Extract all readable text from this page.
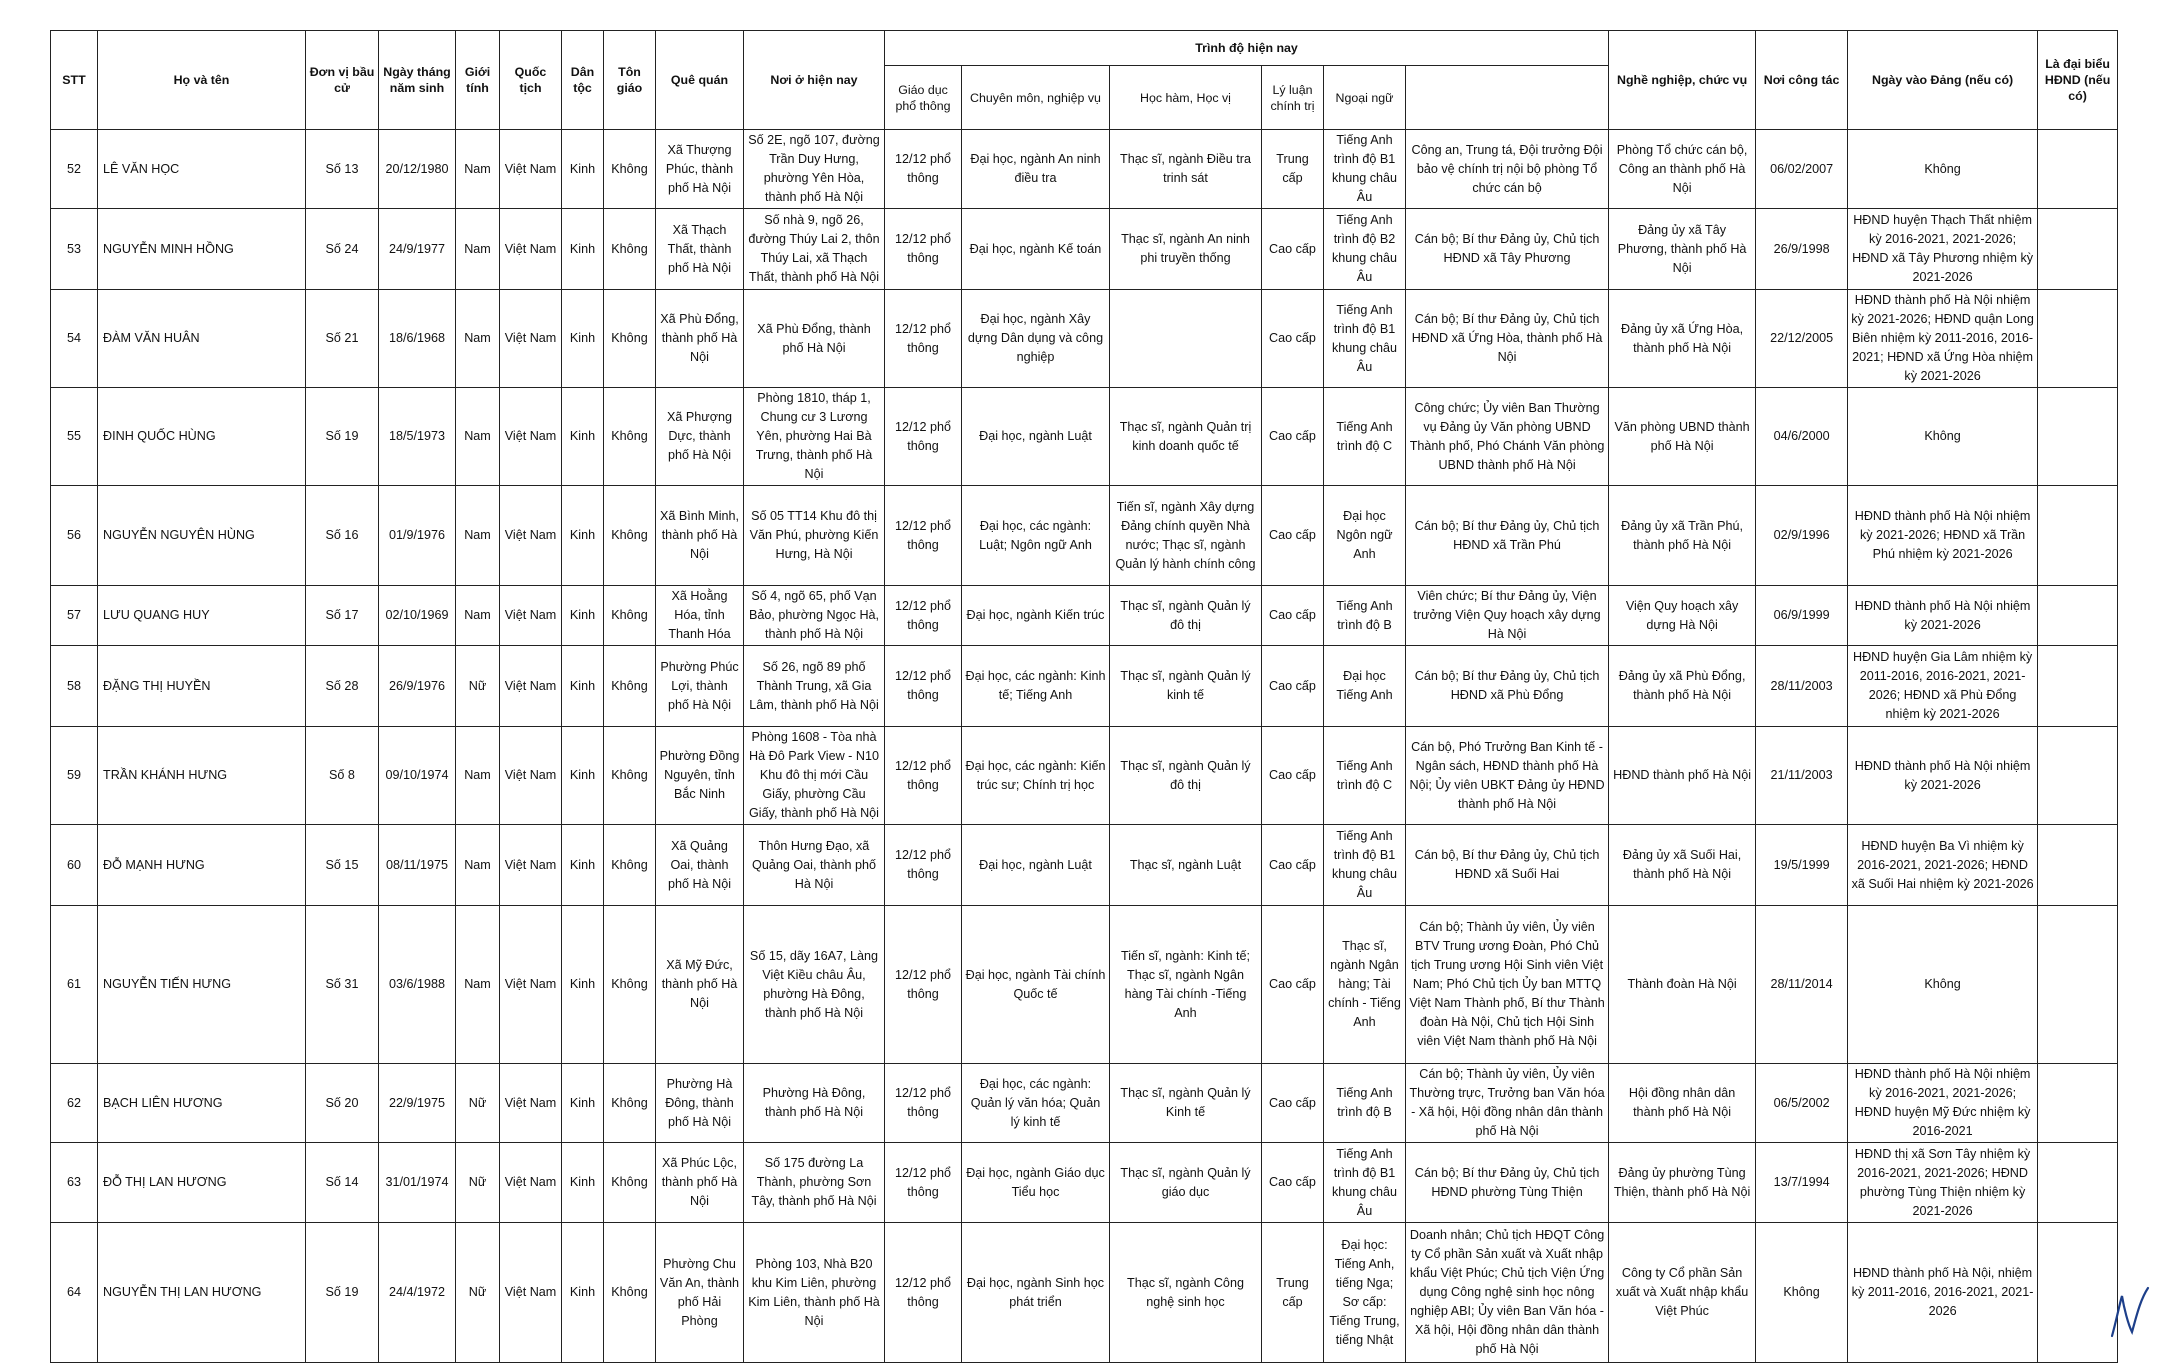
STT	Họ và tên	Đơn vị bầu cử	Ngày tháng năm sinh	Giới tính	Quốc tịch	Dân tộc	Tôn giáo	Quê quán	Nơi ở hiện nay	Trình độ hiện nay						Nghề nghiệp, chức vụ	Nơi công tác	Ngày vào Đảng (nếu có)	Là đại biểu HĐND (nếu có)	
										Giáo dục phổ thông	Chuyên môn, nghiệp vụ	Học hàm, Học vị	Lý luận chính trị	Ngoại ngữ						
52	LÊ VĂN HỌC	Số 13	20/12/1980	Nam	Việt Nam	Kinh	Không	Xã Thượng Phúc, thành phố Hà Nội	Số 2E, ngõ 107, đường Trần Duy Hưng, phường Yên Hòa, thành phố Hà Nội	12/12 phổ thông	Đại học, ngành An ninh điều tra	Thạc sĩ, ngành Điều tra trinh sát	Trung cấp	Tiếng Anh trình độ B1 khung châu Âu	Công an, Trung tá, Đội trưởng Đội bảo vệ chính trị nội bộ phòng Tổ chức cán bộ	Phòng Tổ chức cán bộ, Công an thành phố Hà Nội	06/02/2007	Không		
53	NGUYỄN MINH HỒNG	Số 24	24/9/1977	Nam	Việt Nam	Kinh	Không	Xã Thạch Thất, thành phố Hà Nội	Số nhà 9, ngõ 26, đường Thúy Lai 2, thôn Thúy Lai, xã Thạch Thất, thành phố Hà Nội	12/12 phổ thông	Đại học, ngành Kế toán	Thạc sĩ, ngành An ninh phi truyền thống	Cao cấp	Tiếng Anh trình độ B2 khung châu Âu	Cán bộ; Bí thư Đảng ủy, Chủ tịch HĐND xã Tây Phương	Đảng ủy xã Tây Phương, thành phố Hà Nội	26/9/1998	HĐND huyện Thạch Thất nhiệm kỳ 2016-2021, 2021-2026; HĐND xã Tây Phương nhiệm kỳ 2021-2026		
54	ĐÀM VĂN HUÂN	Số 21	18/6/1968	Nam	Việt Nam	Kinh	Không	Xã Phù Đổng, thành phố Hà Nội	Xã Phù Đổng, thành phố Hà Nội	12/12 phổ thông	Đại học, ngành Xây dựng Dân dụng và công nghiệp		Cao cấp	Tiếng Anh trình độ B1 khung châu Âu	Cán bộ; Bí thư Đảng ủy, Chủ tịch HĐND xã Ứng Hòa, thành phố Hà Nội	Đảng ủy xã Ứng Hòa, thành phố Hà Nội	22/12/2005	HĐND thành phố Hà Nội nhiệm kỳ 2021-2026; HĐND quận Long Biên nhiệm kỳ 2011-2016, 2016-2021; HĐND xã Ứng Hòa nhiệm kỳ 2021-2026		
55	ĐINH QUỐC HÙNG	Số 19	18/5/1973	Nam	Việt Nam	Kinh	Không	Xã Phượng Dực, thành phố Hà Nội	Phòng 1810, tháp 1, Chung cư 3 Lương Yên, phường Hai Bà Trưng, thành phố Hà Nội	12/12 phổ thông	Đại học, ngành Luật	Thạc sĩ, ngành Quản trị kinh doanh quốc tế	Cao cấp	Tiếng Anh trình độ C	Công chức; Ủy viên Ban Thường vụ Đảng ủy Văn phòng UBND Thành phố, Phó Chánh Văn phòng UBND thành phố Hà Nội	Văn phòng UBND thành phố Hà Nội	04/6/2000	Không		
56	NGUYỄN NGUYÊN HÙNG	Số 16	01/9/1976	Nam	Việt Nam	Kinh	Không	Xã Bình Minh, thành phố Hà Nội	Số 05 TT14 Khu đô thị Văn Phú, phường Kiến Hưng, Hà Nội	12/12 phổ thông	Đại học, các ngành: Luật; Ngôn ngữ Anh	Tiến sĩ, ngành Xây dựng Đảng chính quyền Nhà nước; Thạc sĩ, ngành Quản lý hành chính công	Cao cấp	Đại học Ngôn ngữ Anh	Cán bộ; Bí thư Đảng ủy, Chủ tịch HĐND xã Trần Phú	Đảng ủy xã Trần Phú, thành phố Hà Nội	02/9/1996	HĐND thành phố Hà Nội nhiệm kỳ 2021-2026; HĐND xã Trần Phú nhiệm kỳ 2021-2026		
57	LƯU QUANG HUY	Số 17	02/10/1969	Nam	Việt Nam	Kinh	Không	Xã Hoằng Hóa, tỉnh Thanh Hóa	Số 4, ngõ 65, phố Vạn Bảo, phường Ngọc Hà, thành phố Hà Nội	12/12 phổ thông	Đại học, ngành Kiến trúc	Thạc sĩ, ngành Quản lý đô thị	Cao cấp	Tiếng Anh trình độ B	Viên chức; Bí thư Đảng ủy, Viện trưởng Viện Quy hoạch xây dựng Hà Nội	Viện Quy hoạch xây dựng Hà Nội	06/9/1999	HĐND thành phố Hà Nội nhiệm kỳ 2021-2026		
58	ĐẶNG THỊ HUYỀN	Số 28	26/9/1976	Nữ	Việt Nam	Kinh	Không	Phường Phúc Lợi, thành phố Hà Nội	Số 26, ngõ 89 phố Thành Trung, xã Gia Lâm, thành phố Hà Nội	12/12 phổ thông	Đại học, các ngành: Kinh tế; Tiếng Anh	Thạc sĩ, ngành Quản lý kinh tế	Cao cấp	Đại học Tiếng Anh	Cán bộ; Bí thư Đảng ủy, Chủ tịch HĐND xã Phù Đổng	Đảng ủy xã Phù Đổng, thành phố Hà Nội	28/11/2003	HĐND huyện Gia Lâm nhiệm kỳ 2011-2016, 2016-2021, 2021-2026; HĐND xã Phù Đổng nhiệm kỳ 2021-2026		
59	TRẦN KHÁNH HƯNG	Số 8	09/10/1974	Nam	Việt Nam	Kinh	Không	Phường Đồng Nguyên, tỉnh Bắc Ninh	Phòng 1608 - Tòa nhà Hà Đô Park View - N10 Khu đô thị mới Cầu Giấy, phường Cầu Giấy, thành phố Hà Nội	12/12 phổ thông	Đại học, các ngành: Kiến trúc sư; Chính trị học	Thạc sĩ, ngành Quản lý đô thị	Cao cấp	Tiếng Anh trình độ C	Cán bộ, Phó Trưởng Ban Kinh tế - Ngân sách, HĐND thành phố Hà Nội; Ủy viên UBKT Đảng ủy HĐND thành phố Hà Nội	HĐND thành phố Hà Nội	21/11/2003	HĐND thành phố Hà Nội nhiệm kỳ 2021-2026		
60	ĐỖ MẠNH HƯNG	Số 15	08/11/1975	Nam	Việt Nam	Kinh	Không	Xã Quảng Oai, thành phố Hà Nội	Thôn Hưng Đạo, xã Quảng Oai, thành phố Hà Nội	12/12 phổ thông	Đại học, ngành Luật	Thạc sĩ, ngành Luật	Cao cấp	Tiếng Anh trình độ B1 khung châu Âu	Cán bộ, Bí thư Đảng ủy, Chủ tịch HĐND xã Suối Hai	Đảng ủy xã Suối Hai, thành phố Hà Nội	19/5/1999	HĐND huyện Ba Vì nhiệm kỳ 2016-2021, 2021-2026; HĐND xã Suối Hai nhiệm kỳ 2021-2026		
61	NGUYỄN TIẾN HƯNG	Số 31	03/6/1988	Nam	Việt Nam	Kinh	Không	Xã Mỹ Đức, thành phố Hà Nội	Số 15, dãy 16A7, Làng Việt Kiều châu Âu, phường Hà Đông, thành phố Hà Nội	12/12 phổ thông	Đại học, ngành Tài chính Quốc tế	Tiến sĩ, ngành: Kinh tế; Thạc sĩ, ngành Ngân hàng Tài chính -Tiếng Anh	Cao cấp	Thạc sĩ, ngành Ngân hàng; Tài chính - Tiếng Anh	Cán bộ; Thành ủy viên, Ủy viên BTV Trung ương Đoàn, Phó Chủ tịch Trung ương Hội Sinh viên Việt Nam; Phó Chủ tịch Ủy ban MTTQ Việt Nam Thành phố, Bí thư Thành đoàn Hà Nội, Chủ tịch Hội Sinh viên Việt Nam thành phố Hà Nội	Thành đoàn Hà Nội	28/11/2014	Không		
62	BẠCH LIÊN HƯƠNG	Số 20	22/9/1975	Nữ	Việt Nam	Kinh	Không	Phường Hà Đông, thành phố Hà Nội	Phường Hà Đông, thành phố Hà Nội	12/12 phổ thông	Đại học, các ngành: Quản lý văn hóa; Quản lý kinh tế	Thạc sĩ, ngành Quản lý Kinh tế	Cao cấp	Tiếng Anh trình độ B	Cán bộ; Thành ủy viên, Ủy viên Thường trực, Trưởng ban Văn hóa - Xã hội, Hội đồng nhân dân thành phố Hà Nội	Hội đồng nhân dân thành phố Hà Nội	06/5/2002	HĐND thành phố Hà Nội nhiệm kỳ 2016-2021, 2021-2026; HĐND huyện Mỹ Đức nhiệm kỳ 2016-2021		
63	ĐỖ THỊ LAN HƯƠNG	Số 14	31/01/1974	Nữ	Việt Nam	Kinh	Không	Xã Phúc Lộc, thành phố Hà Nội	Số 175 đường La Thành, phường Sơn Tây, thành phố Hà Nội	12/12 phổ thông	Đại học, ngành Giáo dục Tiểu học	Thạc sĩ, ngành Quản lý giáo dục	Cao cấp	Tiếng Anh trình độ B1 khung châu Âu	Cán bộ; Bí thư Đảng ủy, Chủ tịch HĐND phường Tùng Thiện	Đảng ủy phường Tùng Thiện, thành phố Hà Nội	13/7/1994	HĐND thị xã Sơn Tây nhiệm kỳ 2016-2021, 2021-2026; HĐND phường Tùng Thiện nhiệm kỳ 2021-2026		
64	NGUYỄN THỊ LAN HƯƠNG	Số 19	24/4/1972	Nữ	Việt Nam	Kinh	Không	Phường Chu Văn An, thành phố Hải Phòng	Phòng 103, Nhà B20 khu Kim Liên, phường Kim Liên, thành phố Hà Nội	12/12 phổ thông	Đại học, ngành Sinh học phát triển	Thạc sĩ, ngành Công nghệ sinh học	Trung cấp	Đại học: Tiếng Anh, tiếng Nga; Sơ cấp: Tiếng Trung, tiếng Nhật	Doanh nhân; Chủ tịch HĐQT Công ty Cổ phần Sản xuất và Xuất nhập khẩu Việt Phúc; Chủ tịch Viện Ứng dụng Công nghệ sinh học nông nghiệp ABI; Ủy viên Ban Văn hóa - Xã hội, Hội đồng nhân dân thành phố Hà Nội	Công ty Cổ phần Sản xuất và Xuất nhập khẩu Việt Phúc	Không	HĐND thành phố Hà Nội, nhiệm kỳ 2011-2016, 2016-2021, 2021-2026		
